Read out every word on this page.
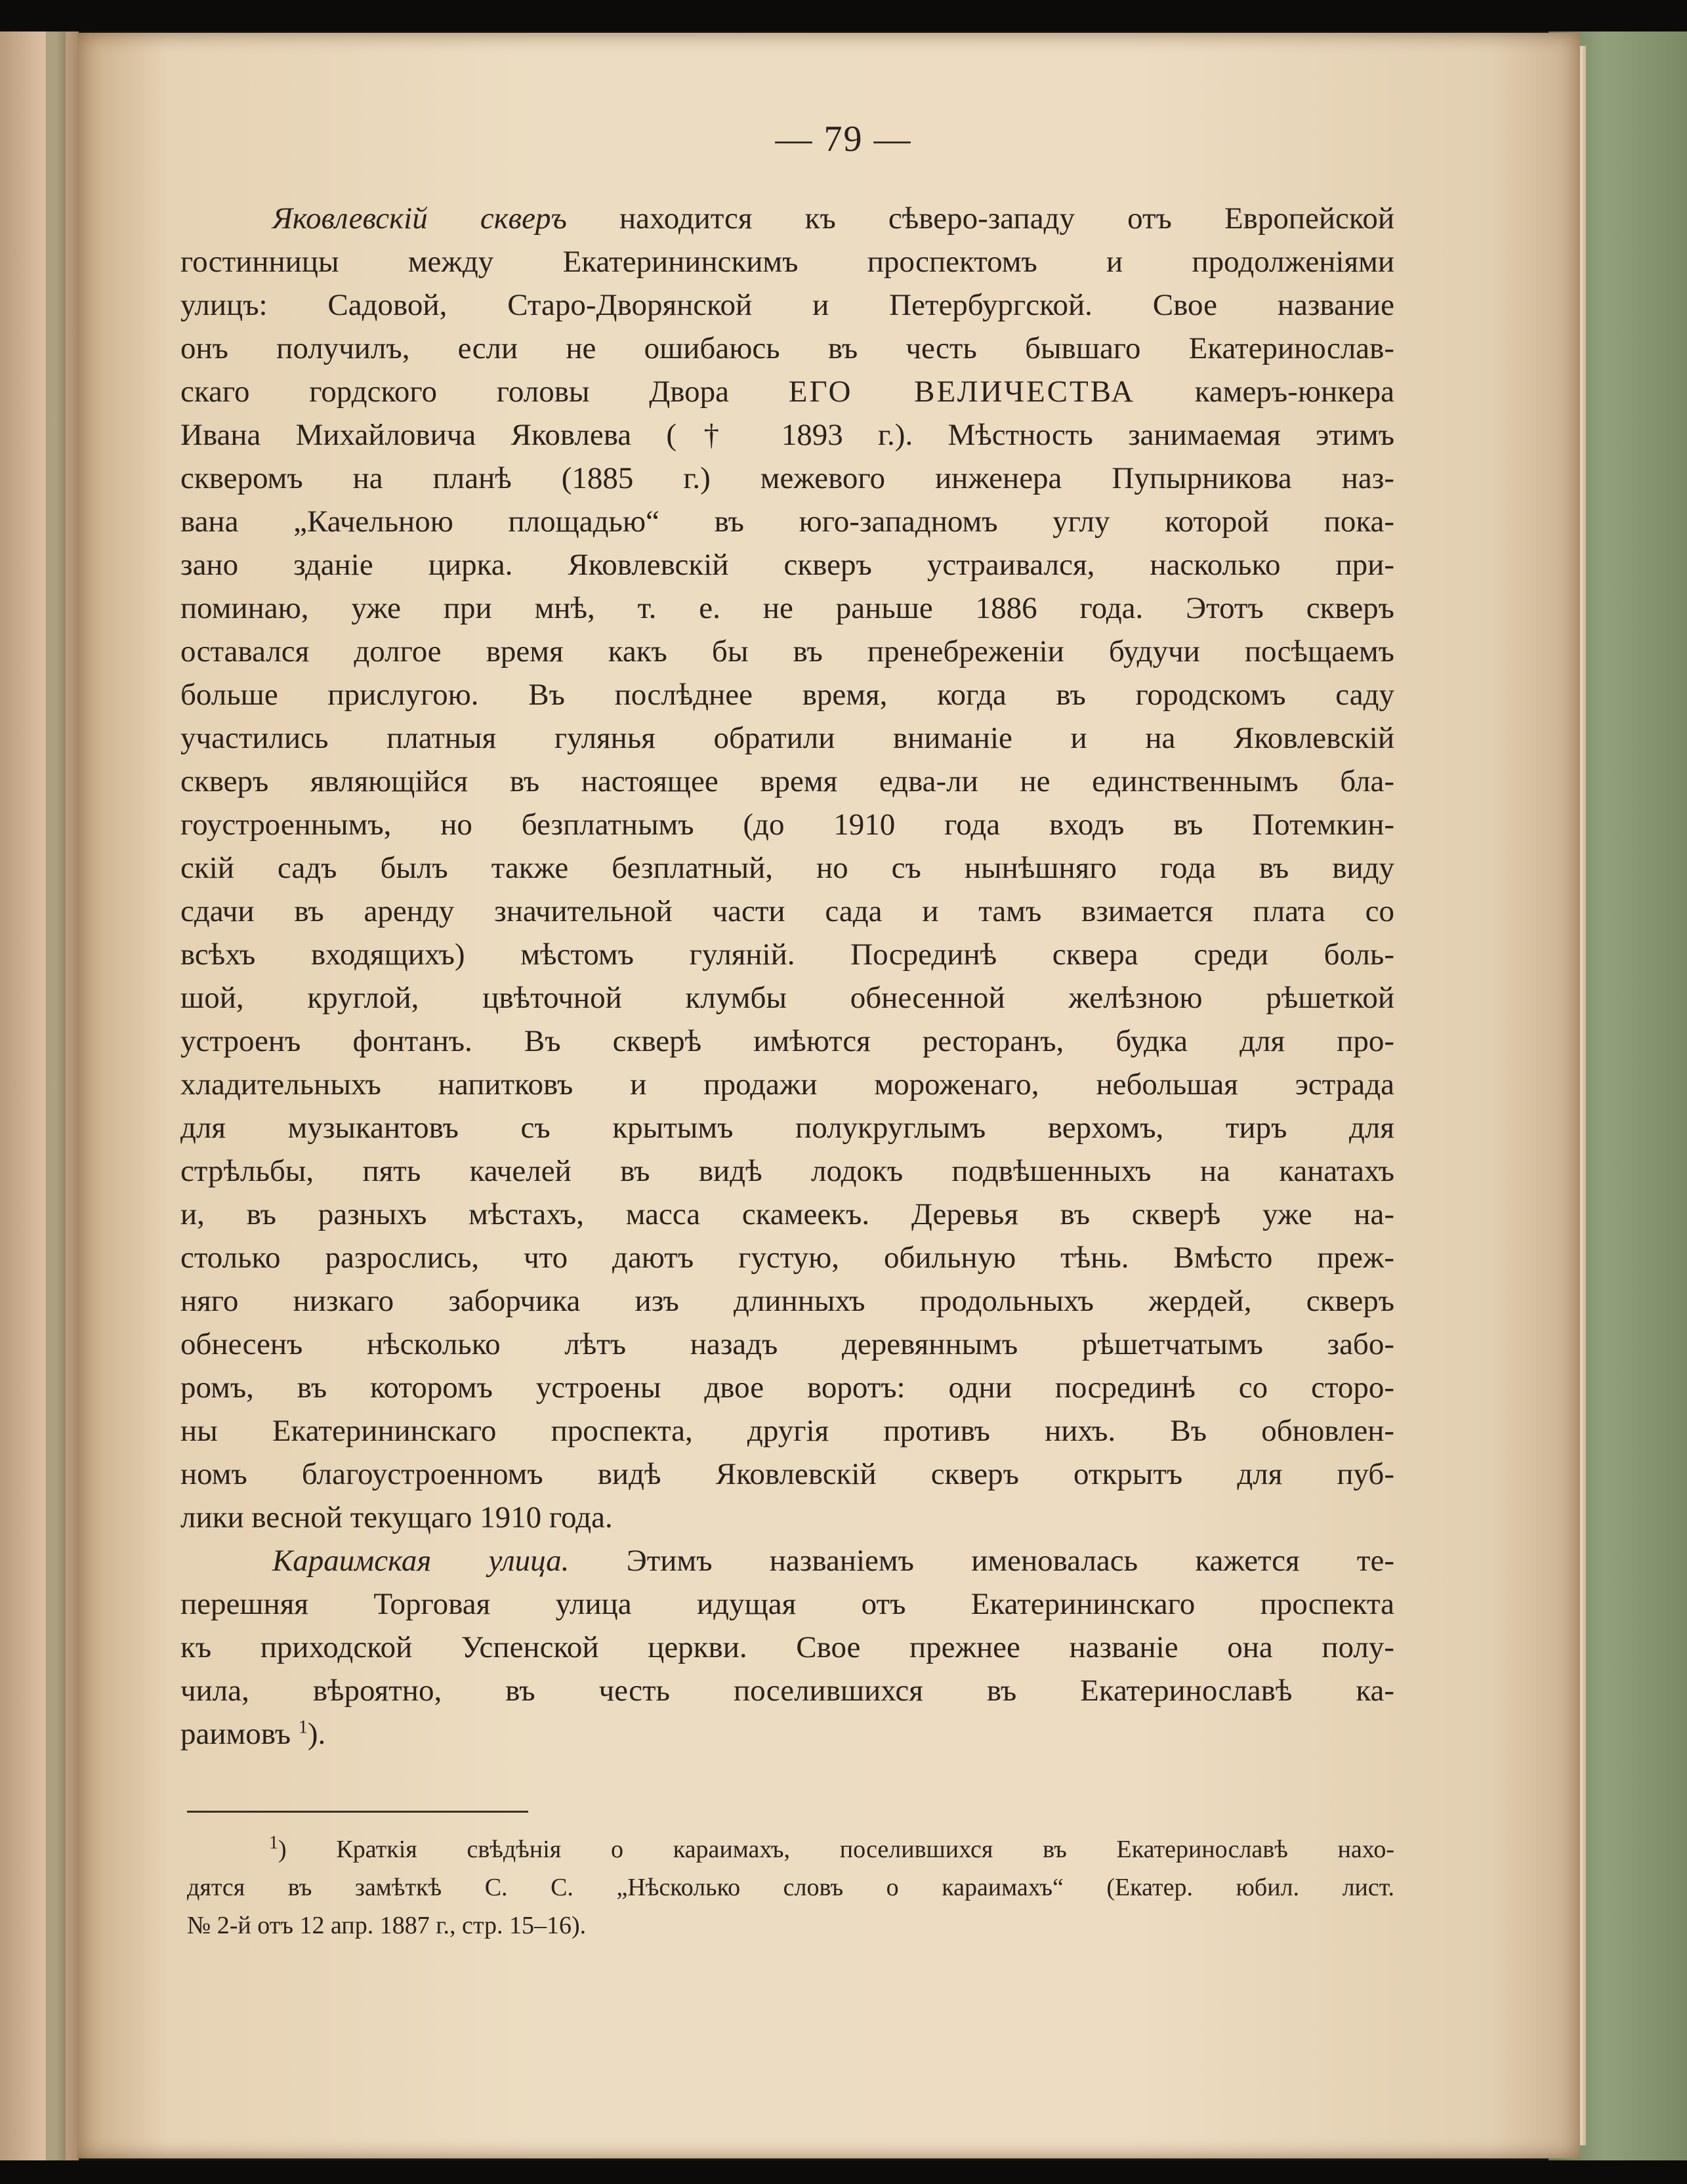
— 79 —
Яковлевскій скверъ находится къ сѣверо-западу отъ Европейской
гостинницы между Екатерининскимъ проспектомъ и продолженіями
улицъ: Садовой, Старо-Дворянской и Петербургской. Свое название
онъ получилъ, если не ошибаюсь въ честь бывшаго Екатеринослав-
скаго гордского головы Двора ЕГО ВЕЛИЧЕСТВА камеръ-юнкера
Ивана Михайловича Яковлева († 1893 г.). Мѣстность занимаемая этимъ
скверомъ на планѣ (1885 г.) межевого инженера Пупырникова наз-
вана „Качельною площадью“ въ юго-западномъ углу которой пока-
зано зданіе цирка. Яковлевскій скверъ устраивался, насколько при-
поминаю, уже при мнѣ, т. е. не раньше 1886 года. Этотъ скверъ
оставался долгое время какъ бы въ пренебреженіи будучи посѣщаемъ
больше прислугою. Въ послѣднее время, когда въ городскомъ саду
участились платныя гулянья обратили вниманіе и на Яковлевскій
скверъ являющійся въ настоящее время едва-ли не единственнымъ бла-
гоустроеннымъ, но безплатнымъ (до 1910 года входъ въ Потемкин-
скій садъ былъ также безплатный, но съ нынѣшняго года въ виду
сдачи въ аренду значительной части сада и тамъ взимается плата со
всѣхъ входящихъ) мѣстомъ гуляній. Посрединѣ сквера среди боль-
шой, круглой, цвѣточной клумбы обнесенной желѣзною рѣшеткой
устроенъ фонтанъ. Въ скверѣ имѣются ресторанъ, будка для про-
хладительныхъ напитковъ и продажи мороженаго, небольшая эстрада
для музыкантовъ съ крытымъ полукруглымъ верхомъ, тиръ для
стрѣльбы, пять качелей въ видѣ лодокъ подвѣшенныхъ на канатахъ
и, въ разныхъ мѣстахъ, масса скамеекъ. Деревья въ скверѣ уже на-
столько разрослись, что даютъ густую, обильную тѣнь. Вмѣсто преж-
няго низкаго заборчика изъ длинныхъ продольныхъ жердей, скверъ
обнесенъ нѣсколько лѣтъ назадъ деревяннымъ рѣшетчатымъ забо-
ромъ, въ которомъ устроены двое воротъ: одни посрединѣ со сторо-
ны Екатерининскаго проспекта, другія противъ нихъ. Въ обновлен-
номъ благоустроенномъ видѣ Яковлевскій скверъ открытъ для пуб-
лики весной текущаго 1910 года.
Караимская улица. Этимъ названіемъ именовалась кажется те-
перешняя Торговая улица идущая отъ Екатерининскаго проспекта
къ приходской Успенской церкви. Свое прежнее названіе она полу-
чила, вѣроятно, въ честь поселившихся въ Екатеринославѣ ка-
раимовъ $^1$).
$^1$) Краткія свѣдѣнія о караимахъ, поселившихся въ Екатеринославѣ нахо-
дятся въ замѣткѣ С. С. „Нѣсколько словъ о караимахъ“ (Екатер. юбил. лист.
№ 2-й отъ 12 апр. 1887 г., стр. 15–16).
